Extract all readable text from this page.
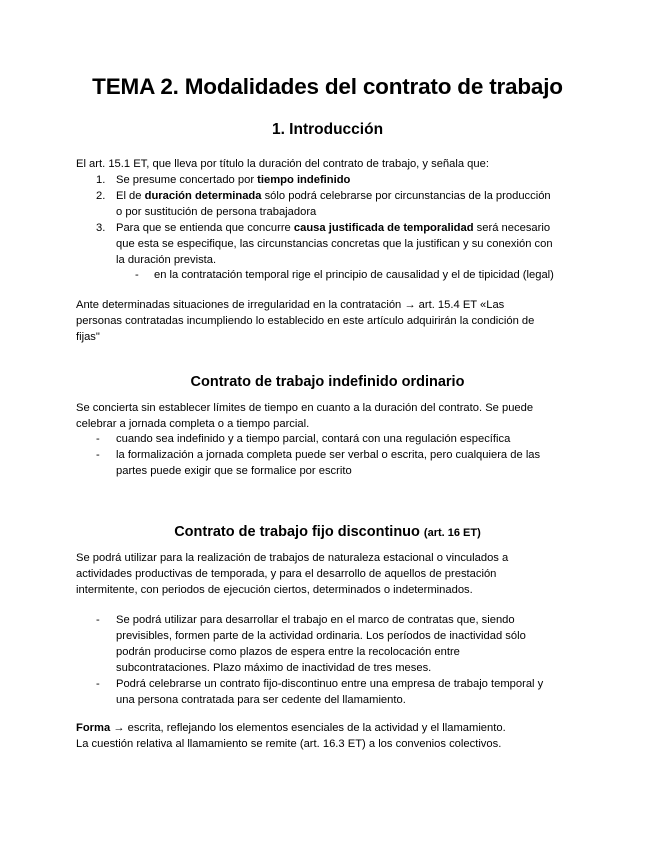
TEMA 2. Modalidades del contrato de trabajo
1. Introducción
El art. 15.1 ET, que lleva por título la duración del contrato de trabajo, y señala que:
1. Se presume concertado por tiempo indefinido
2. El de duración determinada sólo podrá celebrarse por circunstancias de la producción
o por sustitución de persona trabajadora
3. Para que se entienda que concurre causa justificada de temporalidad será necesario
que esta se especifique, las circunstancias concretas que la justifican y su conexión con
la duración prevista.
- en la contratación temporal rige el principio de causalidad y el de tipicidad (legal)
Ante determinadas situaciones de irregularidad en la contratación → art. 15.4 ET «Las
personas contratadas incumpliendo lo establecido en este artículo adquirirán la condición de
fijas"
Contrato de trabajo indefinido ordinario
Se concierta sin establecer límites de tiempo en cuanto a la duración del contrato. Se puede
celebrar a jornada completa o a tiempo parcial.
- cuando sea indefinido y a tiempo parcial, contará con una regulación específica
- la formalización a jornada completa puede ser verbal o escrita, pero cualquiera de las
partes puede exigir que se formalice por escrito
Contrato de trabajo fijo discontinuo (art. 16 ET)
Se podrá utilizar para la realización de trabajos de naturaleza estacional o vinculados a
actividades productivas de temporada, y para el desarrollo de aquellos de prestación
intermitente, con periodos de ejecución ciertos, determinados o indeterminados.
- Se podrá utilizar para desarrollar el trabajo en el marco de contratas que, siendo
previsibles, formen parte de la actividad ordinaria. Los períodos de inactividad sólo
podrán producirse como plazos de espera entre la recolocación entre
subcontrataciones. Plazo máximo de inactividad de tres meses.
- Podrá celebrarse un contrato fijo-discontinuo entre una empresa de trabajo temporal y
una persona contratada para ser cedente del llamamiento.
Forma → escrita, reflejando los elementos esenciales de la actividad y el llamamiento.
La cuestión relativa al llamamiento se remite (art. 16.3 ET) a los convenios colectivos.
